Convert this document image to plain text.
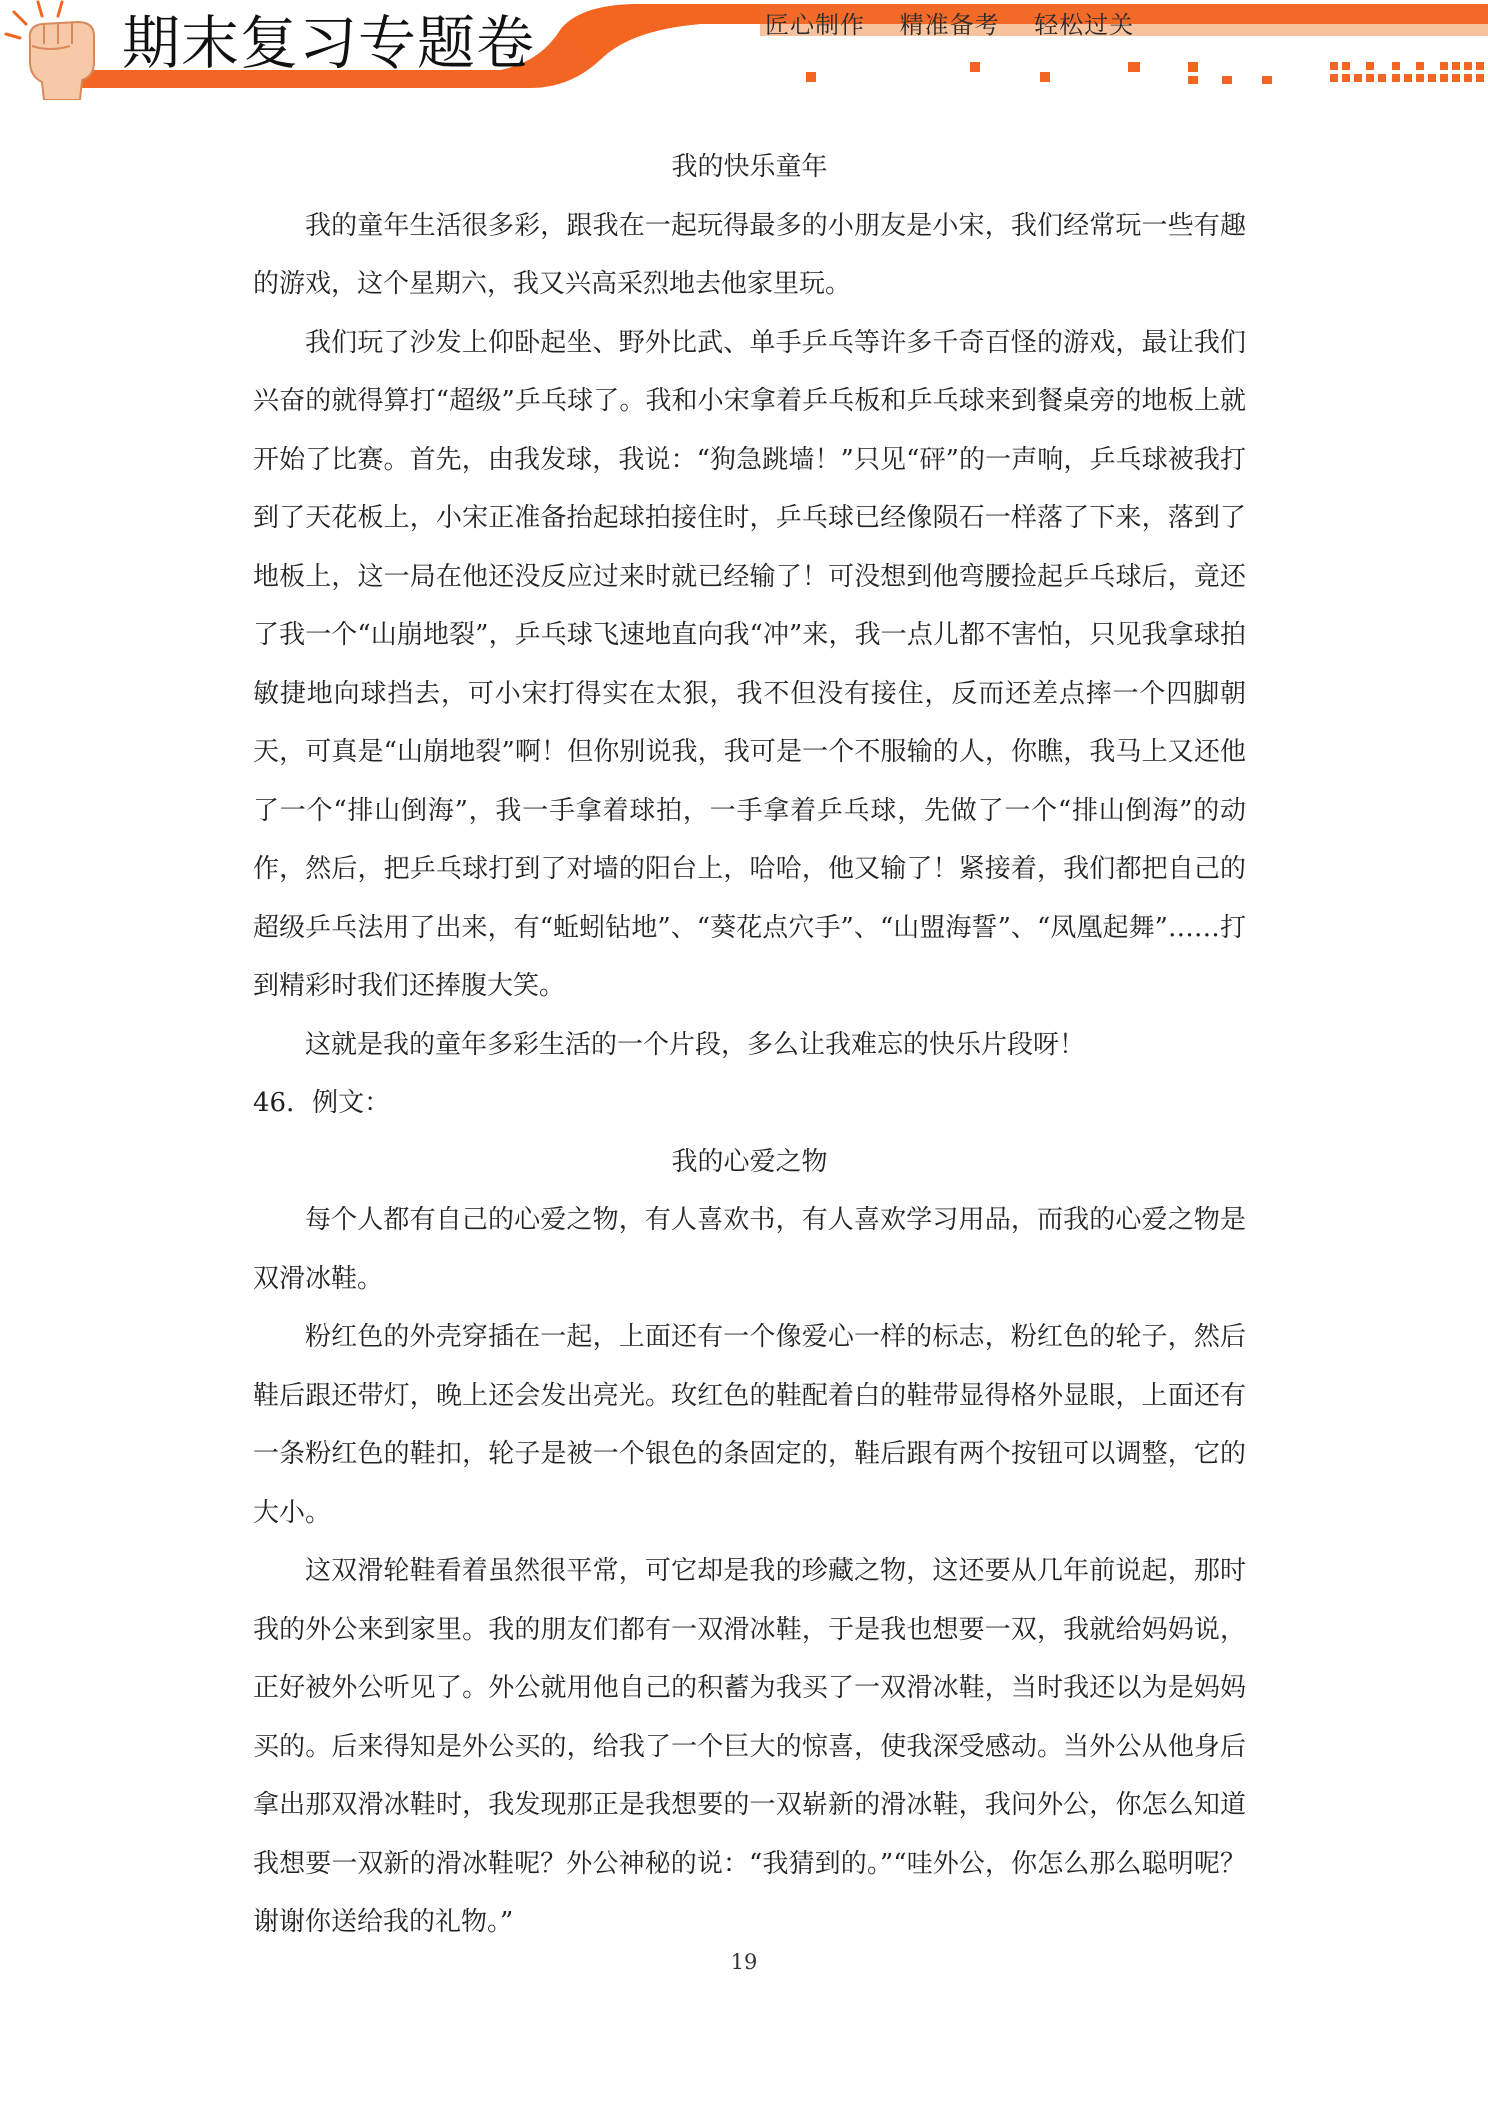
期末复习专题卷	匠心制作 精准备考 轻松过关

我的快乐童年

我的童年生活很多彩，跟我在一起玩得最多的小朋友是小宋，我们经常玩一些有趣的游戏，这个星期六，我又兴高采烈地去他家里玩。

我们玩了沙发上仰卧起坐、野外比武、单手乒乓等许多千奇百怪的游戏，最让我们兴奋的就得算打“超级”乒乓球了。我和小宋拿着乒乓板和乒乓球来到餐桌旁的地板上就开始了比赛。首先，由我发球，我说：“狗急跳墙！”只见“砰”的一声响，乒乓球被我打到了天花板上，小宋正准备抬起球拍接住时，乒乓球已经像陨石一样落了下来，落到了地板上，这一局在他还没反应过来时就已经输了！可没想到他弯腰捡起乒乓球后，竟还了我一个“山崩地裂”，乒乓球飞速地直向我“冲”来，我一点儿都不害怕，只见我拿球拍敏捷地向球挡去，可小宋打得实在太狠，我不但没有接住，反而还差点摔一个四脚朝天，可真是“山崩地裂”啊！但你别说我，我可是一个不服输的人，你瞧，我马上又还他了一个“排山倒海”，我一手拿着球拍，一手拿着乒乓球，先做了一个“排山倒海”的动作，然后，把乒乓球打到了对墙的阳台上，哈哈，他又输了！紧接着，我们都把自己的超级乒乓法用了出来，有“蚯蚓钻地”、“葵花点穴手”、“山盟海誓”、“凤凰起舞”……打到精彩时我们还捧腹大笑。

这就是我的童年多彩生活的一个片段，多么让我难忘的快乐片段呀！

46．例文：

我的心爱之物

每个人都有自己的心爱之物，有人喜欢书，有人喜欢学习用品，而我的心爱之物是双滑冰鞋。

粉红色的外壳穿插在一起，上面还有一个像爱心一样的标志，粉红色的轮子，然后鞋后跟还带灯，晚上还会发出亮光。玫红色的鞋配着白的鞋带显得格外显眼，上面还有一条粉红色的鞋扣，轮子是被一个银色的条固定的，鞋后跟有两个按钮可以调整，它的大小。

这双滑轮鞋看着虽然很平常，可它却是我的珍藏之物，这还要从几年前说起，那时我的外公来到家里。我的朋友们都有一双滑冰鞋，于是我也想要一双，我就给妈妈说，正好被外公听见了。外公就用他自己的积蓄为我买了一双滑冰鞋，当时我还以为是妈妈买的。后来得知是外公买的，给我了一个巨大的惊喜，使我深受感动。当外公从他身后拿出那双滑冰鞋时，我发现那正是我想要的一双崭新的滑冰鞋，我问外公，你怎么知道我想要一双新的滑冰鞋呢？外公神秘的说：“我猜到的。”“哇外公，你怎么那么聪明呢？谢谢你送给我的礼物。”

19
